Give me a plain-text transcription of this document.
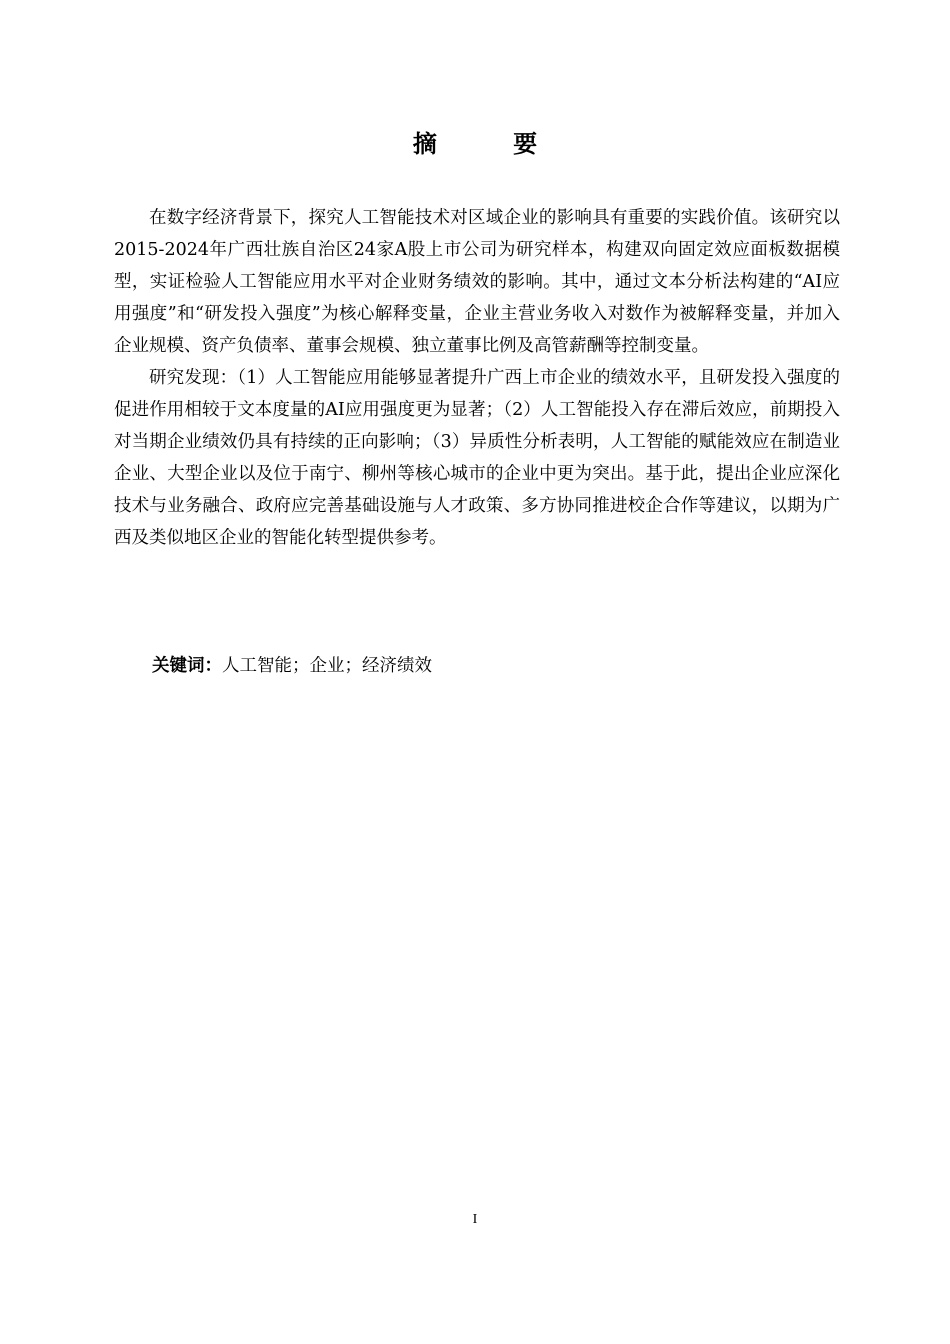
摘 要

在数字经济背景下，探究人工智能技术对区域企业的影响具有重要的实践价值。该研究以2015-2024年广西壮族自治区24家A股上市公司为研究样本，构建双向固定效应面板数据模型，实证检验人工智能应用水平对企业财务绩效的影响。其中，通过文本分析法构建的“AI应用强度”和“研发投入强度”为核心解释变量，企业主营业务收入对数作为被解释变量，并加入企业规模、资产负债率、董事会规模、独立董事比例及高管薪酬等控制变量。

研究发现：（1）人工智能应用能够显著提升广西上市企业的绩效水平，且研发投入强度的促进作用相较于文本度量的AI应用强度更为显著；（2）人工智能投入存在滞后效应，前期投入对当期企业绩效仍具有持续的正向影响；（3）异质性分析表明，人工智能的赋能效应在制造业企业、大型企业以及位于南宁、柳州等核心城市的企业中更为突出。基于此，提出企业应深化技术与业务融合、政府应完善基础设施与人才政策、多方协同推进校企合作等建议，以期为广西及类似地区企业的智能化转型提供参考。

关键词：人工智能；企业；经济绩效
I
